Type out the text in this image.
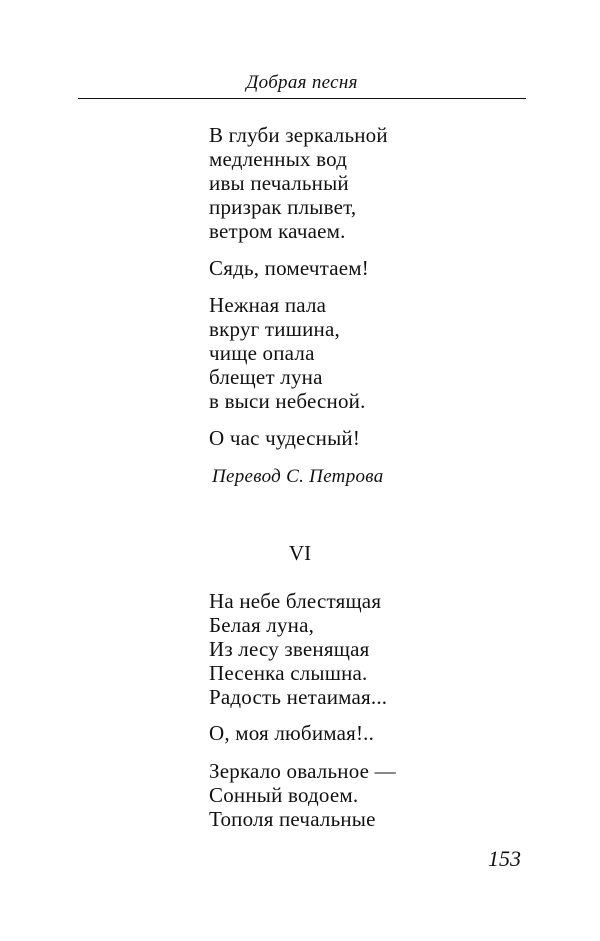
Добрая песня
В глуби зеркальной
медленных вод
ивы печальный
призрак плывет,
ветром качаем.
Сядь, помечтаем!
Нежная пала
вкруг тишина,
чище опала
блещет луна
в выси небесной.
О час чудесный!
Перевод С. Петрова
VI
На небе блестящая
Белая луна,
Из лесу звенящая
Песенка слышна.
Радость нетаимая...
О, моя любимая!..
Зеркало овальное —
Сонный водоем.
Тополя печальные
153
